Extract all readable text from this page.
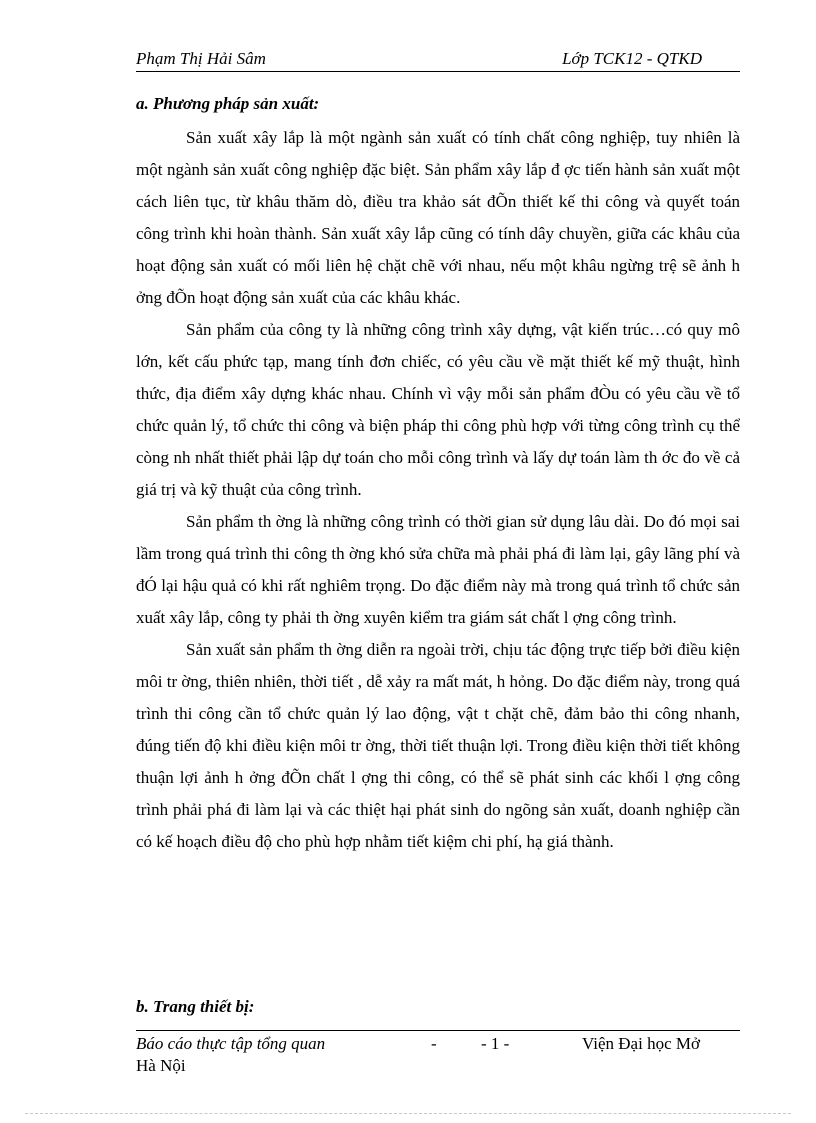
Phạm Thị Hải Sâm	Lớp TCK12 - QTKD
a. Phương pháp sản xuất:

Sản xuất xây lắp là một ngành sản xuất có tính chất công nghiệp, tuy nhiên là một ngành sản xuất công nghiệp đặc biệt. Sản phẩm xây lắp đ ợc tiến hành sản xuất một cách liên tục, từ khâu thăm dò, điều tra khảo sát đÕn thiết kế thi công và quyết toán công trình khi hoàn thành. Sản xuất xây lắp cũng có tính dây chuyền, giữa các khâu của hoạt động sản xuất có mối liên hệ chặt chẽ với nhau, nếu một khâu ngừng trệ sẽ ảnh h ởng đÕn hoạt động sản xuất của các khâu khác.

Sản phẩm của công ty là những công trình xây dựng, vật kiến trúc…có quy mô lớn, kết cấu phức tạp, mang tính đơn chiếc, có yêu cầu về mặt thiết kế mỹ thuật, hình thức, địa điểm xây dựng khác nhau. Chính vì vậy mỗi sản phẩm đÒu có yêu cầu về tổ chức quản lý, tổ chức thi công và biện pháp thi công phù hợp với từng công trình cụ thể còng nh nhất thiết phải lập dự toán cho mỗi công trình và lấy dự toán làm th ớc đo về cả giá trị và kỹ thuật của công trình.

Sản phẩm th ờng là những công trình có thời gian sử dụng lâu dài. Do đó mọi sai lầm trong quá trình thi công th ờng khó sửa chữa mà phải phá đi làm lại, gây lãng phí và đÓ lại hậu quả có khi rất nghiêm trọng. Do đặc điểm này mà trong quá trình tổ chức sản xuất xây lắp, công ty phải th ờng xuyên kiểm tra giám sát chất l ợng công trình.

Sản xuất sản phẩm th ờng diễn ra ngoài trời, chịu tác động trực tiếp bởi điều kiện môi tr ờng, thiên nhiên, thời tiết , dễ xảy ra mất mát, h hỏng. Do đặc điểm này, trong quá trình thi công cần tổ chức quản lý lao động, vật t chặt chẽ, đảm bảo thi công nhanh, đúng tiến độ khi điều kiện môi tr ờng, thời tiết thuận lợi. Trong điều kiện thời tiết không thuận lợi ảnh h ởng đÕn chất l ợng thi công, có thể sẽ phát sinh các khối l ợng công trình phải phá đi làm lại và các thiệt hại phát sinh do ngõng sản xuất, doanh nghiệp cần có kế hoạch điều độ cho phù hợp nhằm tiết kiệm chi phí, hạ giá thành.

b. Trang thiết bị:
Báo cáo thực tập tổng quan	-	- 1 -	Viện Đại học Mở
Hà Nội
